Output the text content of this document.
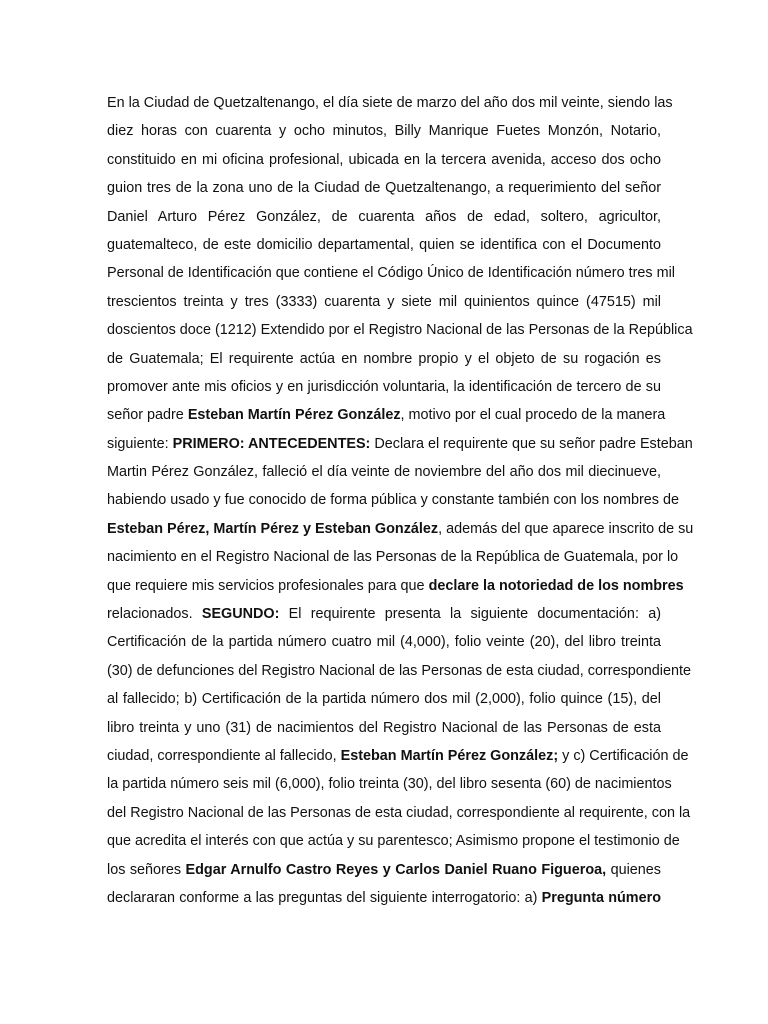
En la Ciudad de Quetzaltenango, el día siete de marzo del año dos mil veinte, siendo las
diez horas con cuarenta y ocho minutos, Billy Manrique Fuetes Monzón, Notario,
constituido en mi oficina profesional, ubicada en la tercera avenida, acceso dos ocho
guion tres de la zona uno de la Ciudad de Quetzaltenango, a requerimiento del señor
Daniel Arturo Pérez González, de cuarenta años de edad, soltero, agricultor,
guatemalteco, de este domicilio departamental, quien se identifica con el Documento
Personal de Identificación que contiene el Código Único de Identificación número tres mil
trescientos treinta y tres (3333) cuarenta y siete mil quinientos quince (47515) mil
doscientos doce (1212) Extendido por el Registro Nacional de las Personas de la República
de Guatemala; El requirente actúa en nombre propio y el objeto de su rogación es
promover ante mis oficios y en jurisdicción voluntaria, la identificación de tercero de su
señor padre Esteban Martín Pérez González, motivo por el cual procedo de la manera
siguiente: PRIMERO: ANTECEDENTES: Declara el requirente que su señor padre Esteban
Martin Pérez González, falleció el día veinte de noviembre del año dos mil diecinueve,
habiendo usado y fue conocido de forma pública y constante también con los nombres de
Esteban Pérez, Martín Pérez y Esteban González, además del que aparece inscrito de su
nacimiento en el Registro Nacional de las Personas de la República de Guatemala, por lo
que requiere mis servicios profesionales para que declare la notoriedad de los nombres
relacionados. SEGUNDO: El requirente presenta la siguiente documentación: a)
Certificación de la partida número cuatro mil (4,000), folio veinte (20), del libro treinta
(30) de defunciones del Registro Nacional de las Personas de esta ciudad, correspondiente
al fallecido; b) Certificación de la partida número dos mil (2,000), folio quince (15), del
libro treinta y uno (31) de nacimientos del Registro Nacional de las Personas de esta
ciudad, correspondiente al fallecido, Esteban Martín Pérez González; y c) Certificación de
la partida número seis mil (6,000), folio treinta (30), del libro sesenta (60) de nacimientos
del Registro Nacional de las Personas de esta ciudad, correspondiente al requirente, con la
que acredita el interés con que actúa y su parentesco; Asimismo propone el testimonio de
los señores Edgar Arnulfo Castro Reyes y Carlos Daniel Ruano Figueroa, quienes
declararan conforme a las preguntas del siguiente interrogatorio: a) Pregunta número
